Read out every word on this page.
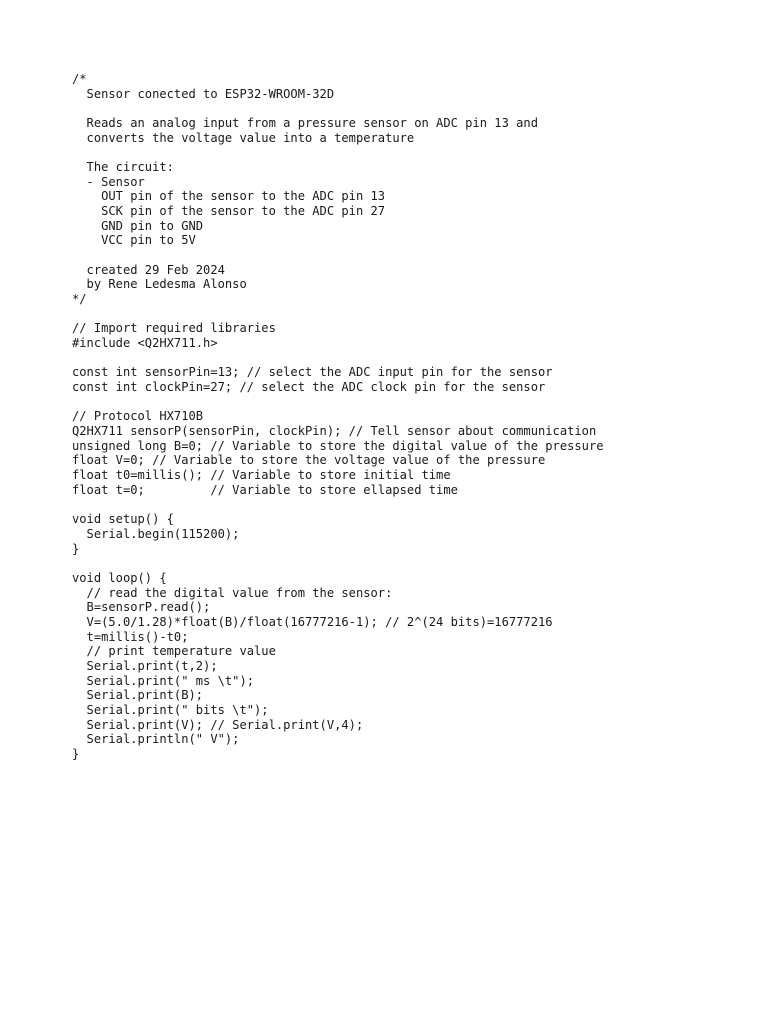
/*
Sensor conected to ESP32-WROOM-32D
Reads an analog input from a pressure sensor on ADC pin 13 and
converts the voltage value into a temperature
The circuit:
- Sensor
OUT pin of the sensor to the ADC pin 13
SCK pin of the sensor to the ADC pin 27
GND pin to GND
VCC pin to 5V
created 29 Feb 2024
by Rene Ledesma Alonso
*/
// Import required libraries
#include <Q2HX711.h>
const int sensorPin=13; // select the ADC input pin for the sensor
const int clockPin=27; // select the ADC clock pin for the sensor
// Protocol HX710B
Q2HX711 sensorP(sensorPin, clockPin); // Tell sensor about communication
unsigned long B=0; // Variable to store the digital value of the pressure
float V=0; // Variable to store the voltage value of the pressure
float t0=millis(); // Variable to store initial time
float t=0;         // Variable to store ellapsed time
void setup() {
Serial.begin(115200);
}
void loop() {
// read the digital value from the sensor:
B=sensorP.read();
V=(5.0/1.28)*float(B)/float(16777216-1); // 2^(24 bits)=16777216
t=millis()-t0;
// print temperature value
Serial.print(t,2);
Serial.print(" ms \t");
Serial.print(B);
Serial.print(" bits \t");
Serial.print(V); // Serial.print(V,4);
Serial.println(" V");
}
